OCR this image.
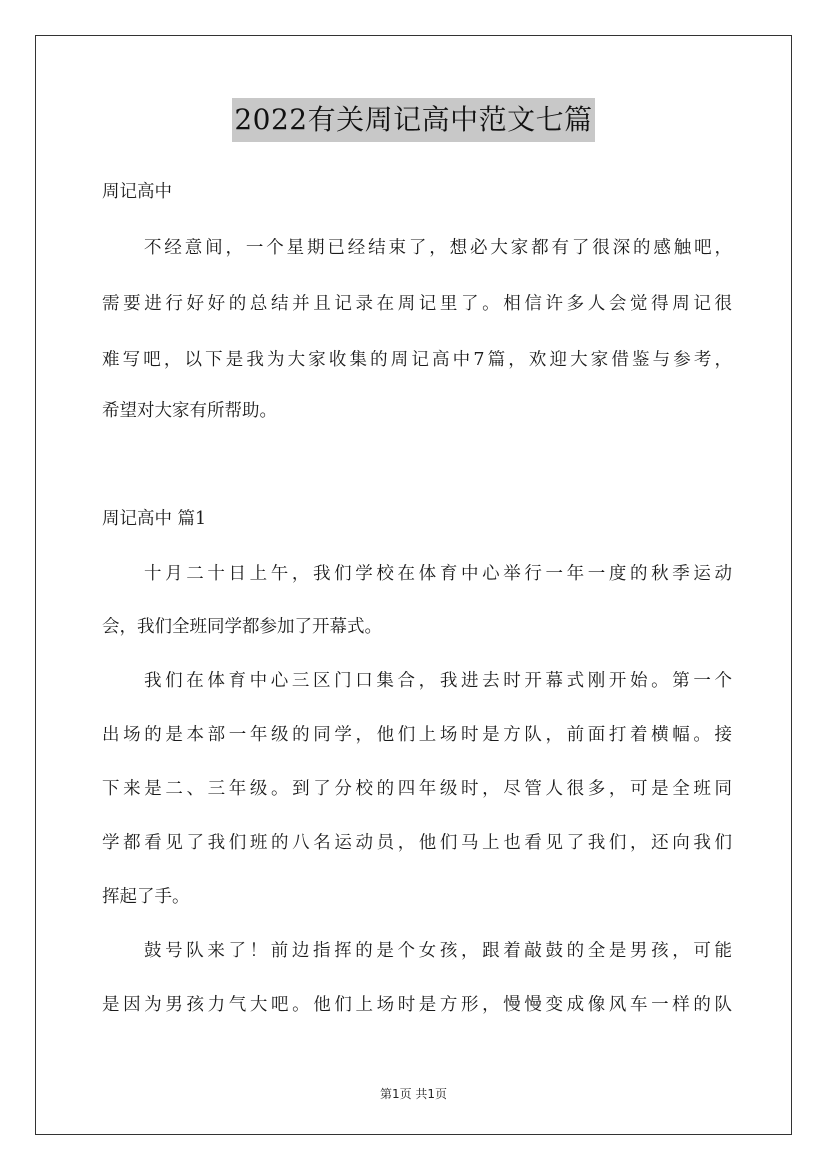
2022有关周记高中范文七篇
周记高中
不经意间，一个星期已经结束了，想必大家都有了很深的感触吧，
需要进行好好的总结并且记录在周记里了。相信许多人会觉得周记很
难写吧，以下是我为大家收集的周记高中7篇，欢迎大家借鉴与参考，
希望对大家有所帮助。
周记高中 篇1
十月二十日上午，我们学校在体育中心举行一年一度的秋季运动
会，我们全班同学都参加了开幕式。
我们在体育中心三区门口集合，我进去时开幕式刚开始。第一个
出场的是本部一年级的同学，他们上场时是方队，前面打着横幅。接
下来是二、三年级。到了分校的四年级时，尽管人很多，可是全班同
学都看见了我们班的八名运动员，他们马上也看见了我们，还向我们
挥起了手。
鼓号队来了！前边指挥的是个女孩，跟着敲鼓的全是男孩，可能
是因为男孩力气大吧。他们上场时是方形，慢慢变成像风车一样的队
第1页 共1页
